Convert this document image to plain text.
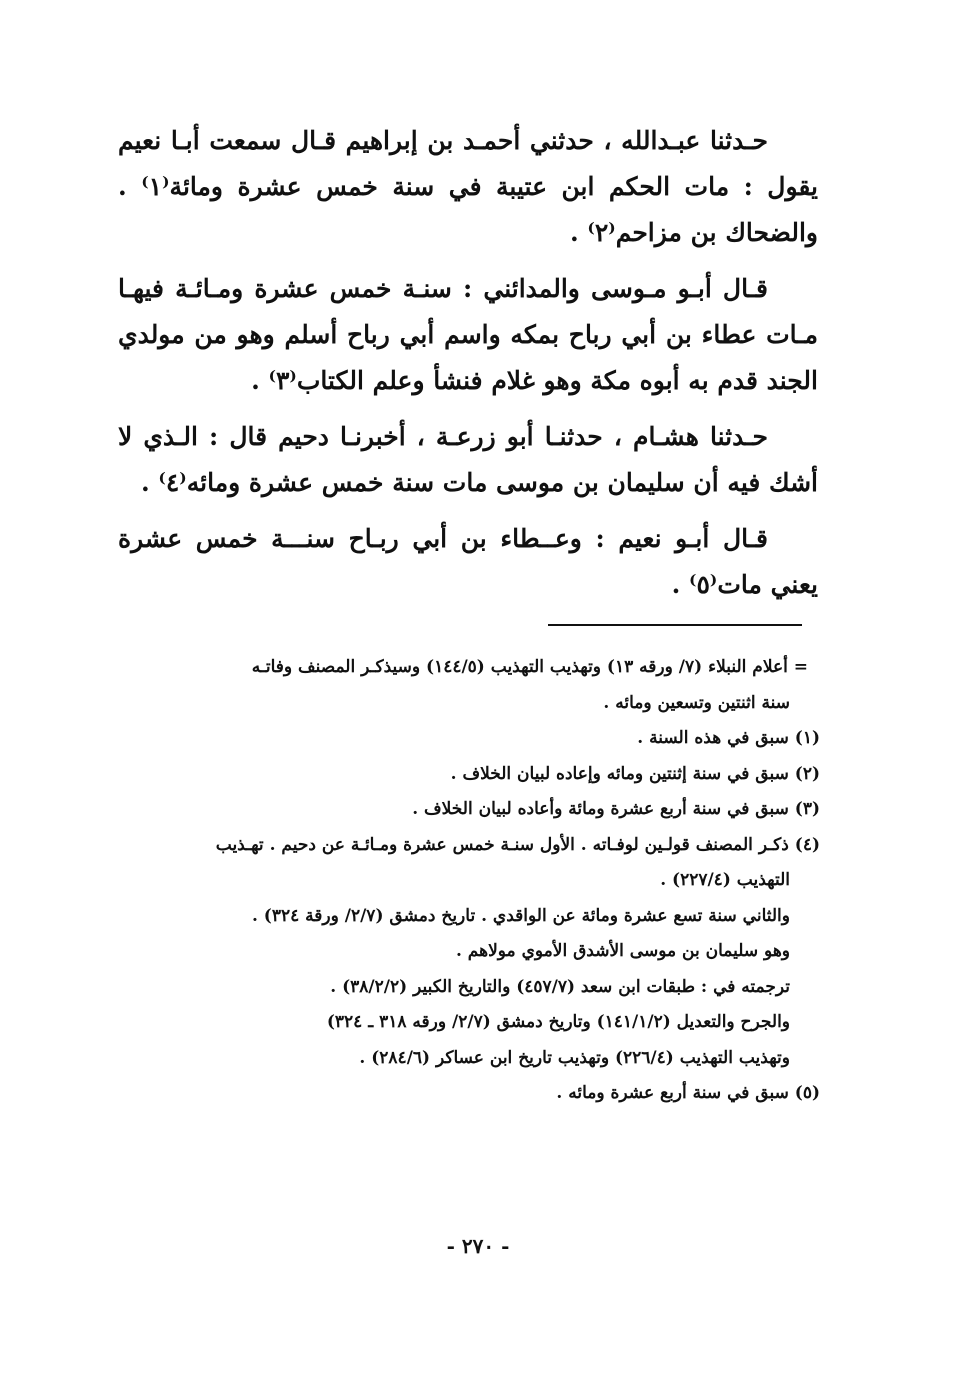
حـدثنا عبـدالله ، حدثني أحمـد بن إبراهيم قـال سمعت أبـا نعيم يقول : مات الحكم ابن عتيبة في سنة خمس عشرة ومائة⁽١⁾ . والضحاك بن مزاحم⁽٢⁾ .

قـال أبـو مـوسى والمدائني : سنـة خمس عشرة ومـائـة فيهـا مـات عطاء بن أبي رباح بمكه واسم أبي رباح أسلم وهو من مولدي الجند قدم به أبوه مكة وهو غلام فنشأ وعلم الكتاب⁽٣⁾ .

حـدثنا هشـام ، حدثنـا أبو زرعـة ، أخبرنـا دحيم قال : الـذي لا أشك فيه أن سليمان بن موسى مات سنة خمس عشرة ومائه⁽٤⁾ .

قـال أبـو نعيم : وعــطاء بن أبي ربـاح سنـــة خمس عشرة يعني مات⁽٥⁾ .

= أعلام النبلاء (٧/ ورقه ١٣) وتهذيب التهذيب (١٤٤/٥) وسيذكـر المصنف وفاتـه

سنة اثنتين وتسعين ومائه .

(١) سبق في هذه السنة .

(٢) سبق في سنة إثنتين ومائه وإعاده لبيان الخلاف .

(٣) سبق في سنة أربع عشرة ومائة وأعاده لبيان الخلاف .

(٤) ذكـر المصنف قولـين لوفـاته . الأول سنـة خمس عشرة ومـائـة عن دحيم . تهـذيب

التهذيب (٢٢٧/٤) .

والثاني سنة تسع عشرة ومائة عن الواقدي . تاريخ دمشق (٢/٧/ ورقة ٣٢٤) .

وهو سليمان بن موسى الأشدق الأموي مولاهم .

ترجمته في : طبقات ابن سعد (٤٥٧/٧) والتاريخ الكبير (٣٨/٢/٢) .

والجرح والتعديل (١٤١/١/٢) وتاريخ دمشق (٢/٧/ ورقه ٣١٨ ـ ٣٢٤)

وتهذيب التهذيب (٢٢٦/٤) وتهذيب تاريخ ابن عساكر (٢٨٤/٦) .

(٥) سبق في سنة أربع عشرة ومائه .

- ٢٧٠ -
